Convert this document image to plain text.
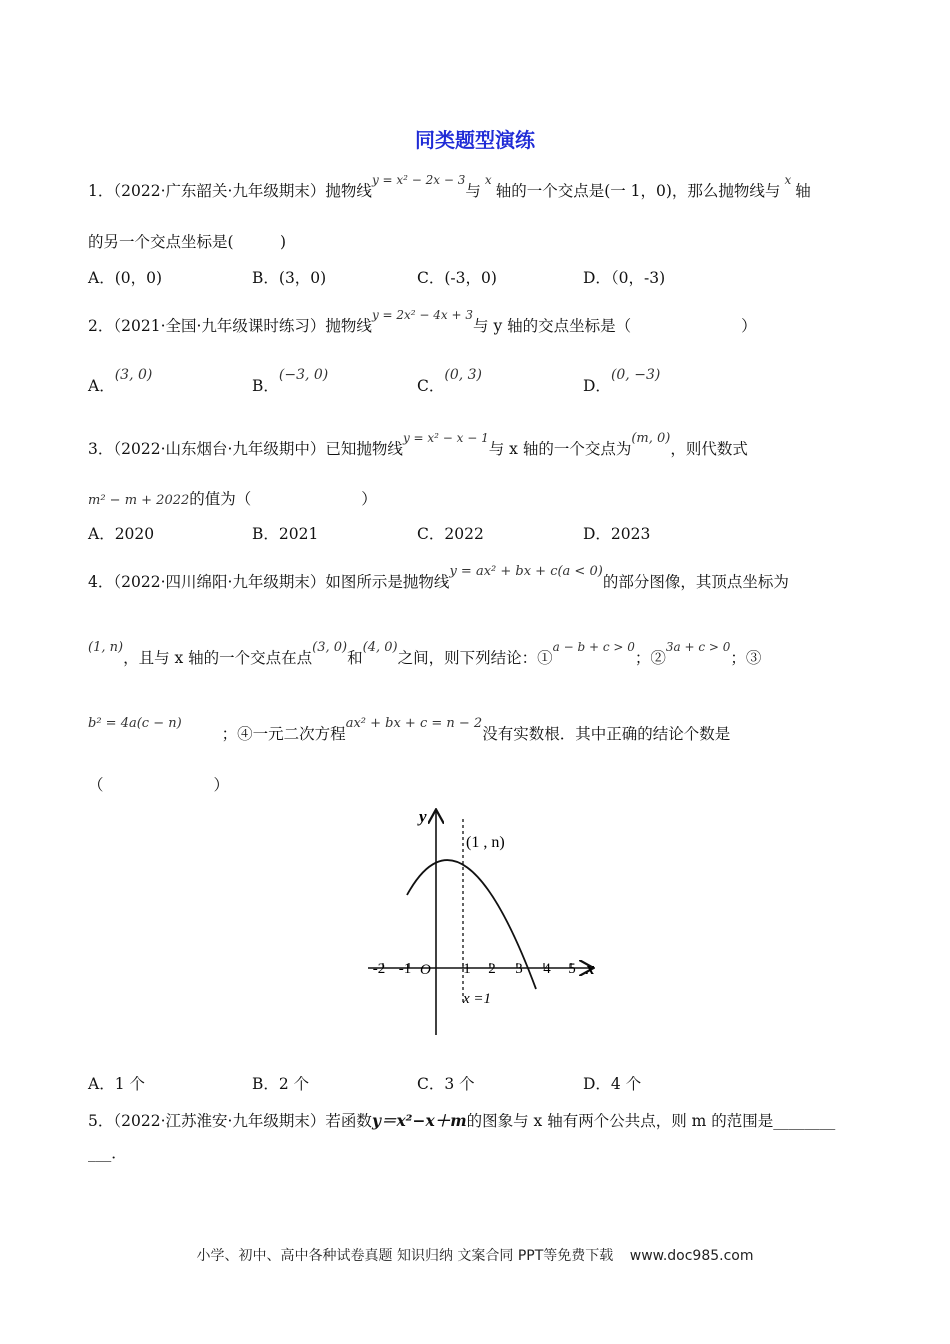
同类题型演练
1．（2022·广东韶关·九年级期末）抛物线$^{y = x^2 - 2x - 3}$与$^x$轴的一个交点是(一 1，0)，那么抛物线与$^x$轴
的另一个交点坐标是(　　　)
A．(0，0)	B．(3，0)	C．(-3，0)	D．（0，-3)
2．（2021·全国·九年级课时练习）抛物线$^{y = 2x^2 - 4x + 3}$与 y 轴的交点坐标是（	）
A．(3, 0)
B．(−3, 0)
C．(0, 3)
D．(0, −3)
3．（2022·山东烟台·九年级期中）已知抛物线$^{y = x^2 - x - 1}$与 x 轴的一个交点为$^{(m, 0)}$，则代数式
m² − m + 2022的值为（	）
A．2020	B．2021	C．2022	D．2023
4．（2022·四川绵阳·九年级期末）如图所示是抛物线$^{y = ax^2 + bx + c(a < 0)}$的部分图像，其顶点坐标为
$^{(1, n)}$，且与 x 轴的一个交点在点$^{(3, 0)}$和$^{(4, 0)}$之间，则下列结论：①$^{a - b + c > 0}$；②$^{3a + c > 0}$；③
$^{b^2 = 4a(c - n)}$；④一元二次方程$^{ax^2 + bx + c = n - 2}$没有实数根．其中正确的结论个数是
（	）
y
x
O
(1 , n)
x =1
-2 -1	1 2 3 4 5
A．1 个	B．2 个	C．3 个	D．4 个
5．（2022·江苏淮安·九年级期末）若函数y＝x²−x＋m的图象与 x 轴有两个公共点，则 m 的范围是________
___．
小学、初中、高中各种试卷真题 知识归纳 文案合同 PPT等免费下载 www.doc985.com
